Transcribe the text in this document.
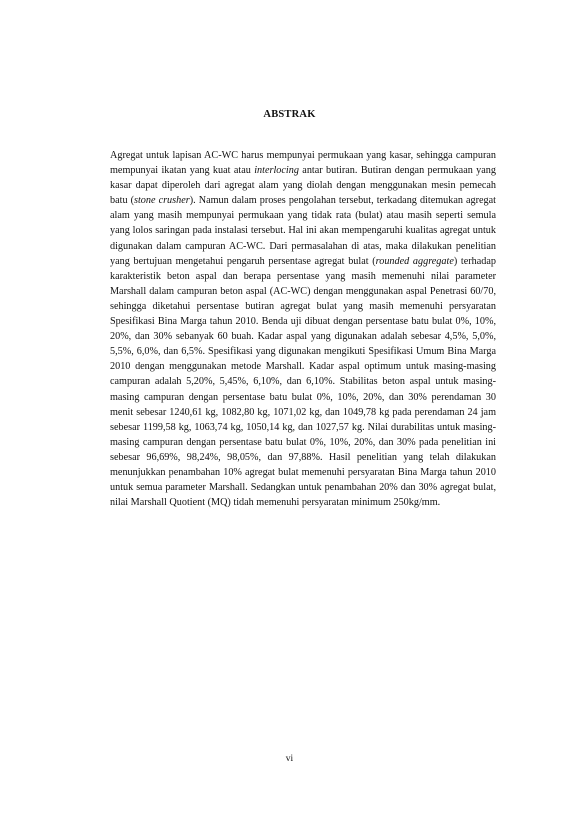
ABSTRAK

Agregat untuk lapisan AC-WC harus mempunyai permukaan yang kasar, sehingga campuran mempunyai ikatan yang kuat atau interlocing antar butiran. Butiran dengan permukaan yang kasar dapat diperoleh dari agregat alam yang diolah dengan menggunakan mesin pemecah batu (stone crusher). Namun dalam proses pengolahan tersebut, terkadang ditemukan agregat alam yang masih mempunyai permukaan yang tidak rata (bulat) atau masih seperti semula yang lolos saringan pada instalasi tersebut. Hal ini akan mempengaruhi kualitas agregat untuk digunakan dalam campuran AC-WC. Dari permasalahan di atas, maka dilakukan penelitian yang bertujuan mengetahui pengaruh persentase agregat bulat (rounded aggregate) terhadap karakteristik beton aspal dan berapa persentase yang masih memenuhi nilai parameter Marshall dalam campuran beton aspal (AC-WC) dengan menggunakan aspal Penetrasi 60/70, sehingga diketahui persentase butiran agregat bulat yang masih memenuhi persyaratan Spesifikasi Bina Marga tahun 2010. Benda uji dibuat dengan persentase batu bulat 0%, 10%, 20%, dan 30% sebanyak 60 buah. Kadar aspal yang digunakan adalah sebesar 4,5%, 5,0%, 5,5%, 6,0%, dan 6,5%. Spesifikasi yang digunakan mengikuti Spesifikasi Umum Bina Marga 2010 dengan menggunakan metode Marshall. Kadar aspal optimum untuk masing-masing campuran adalah 5,20%, 5,45%, 6,10%, dan 6,10%. Stabilitas beton aspal untuk masing-masing campuran dengan persentase batu bulat 0%, 10%, 20%, dan 30% perendaman 30 menit sebesar 1240,61 kg, 1082,80 kg, 1071,02 kg, dan 1049,78 kg pada perendaman 24 jam sebesar 1199,58 kg, 1063,74 kg, 1050,14 kg, dan 1027,57 kg. Nilai durabilitas untuk masing-masing campuran dengan persentase batu bulat 0%, 10%, 20%, dan 30% pada penelitian ini sebesar 96,69%, 98,24%, 98,05%, dan 97,88%. Hasil penelitian yang telah dilakukan menunjukkan penambahan 10% agregat bulat memenuhi persyaratan Bina Marga tahun 2010 untuk semua parameter Marshall. Sedangkan untuk penambahan 20% dan 30% agregat bulat, nilai Marshall Quotient (MQ) tidah memenuhi persyaratan minimum 250kg/mm.

vi
